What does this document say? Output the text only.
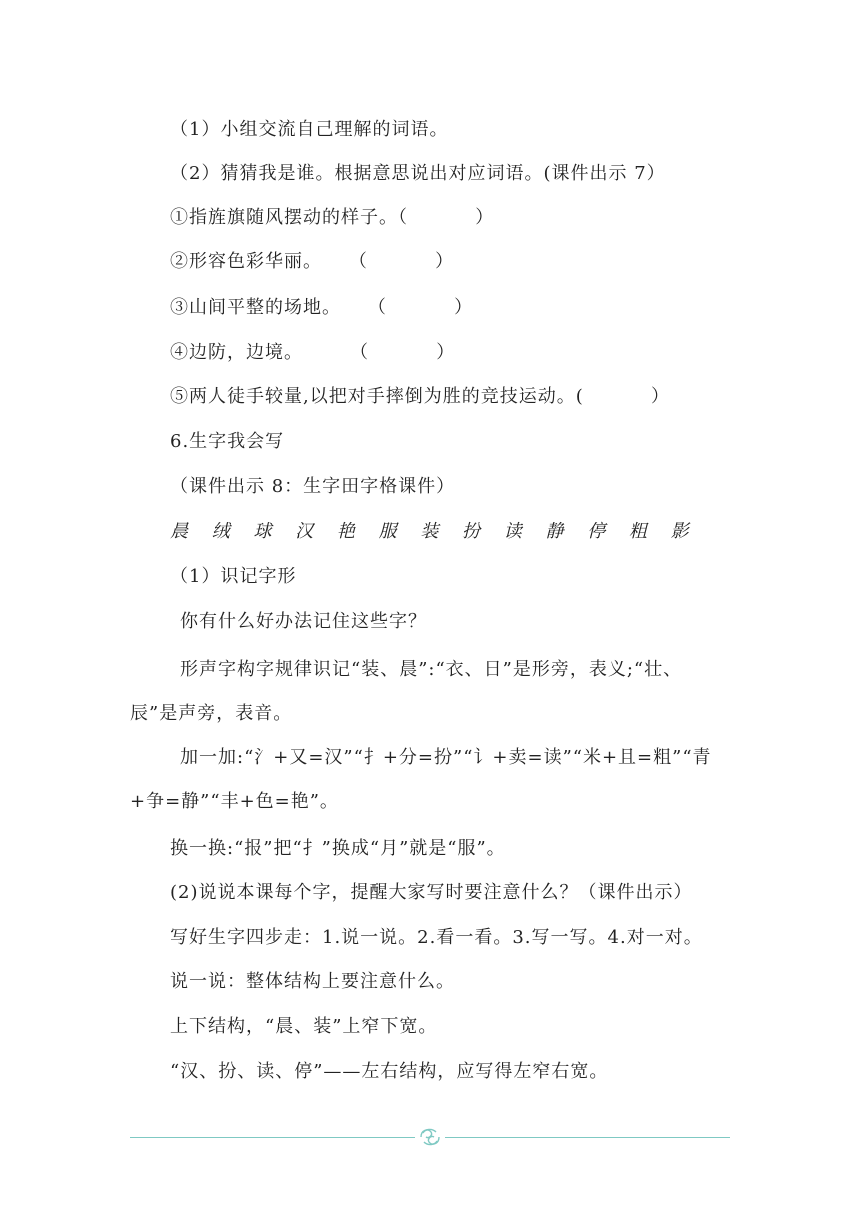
（1）小组交流自己理解的词语。
（2）猜猜我是谁。根据意思说出对应词语。(课件出示 7）
①指旌旗随风摆动的样子。（          ）
②形容色彩华丽。    （          ）
③山间平整的场地。    （          ）
④边防，边境。       （          ）
⑤两人徒手较量,以把对手摔倒为胜的竞技运动。(          ）
6.生字我会写
（课件出示 8：生字田字格课件）
晨 绒 球 汉 艳 服 装 扮 读 静 停 粗 影
（1）识记字形
你有什么好办法记住这些字？
形声字构字规律识记“装、晨”:“衣、日”是形旁，表义;“壮、
辰”是声旁，表音。
加一加:“氵+又=汉”“扌+分=扮”“讠+卖=读”“米+且=粗”“青
+争=静”“丰+色=艳”。
换一换:“报”把“扌”换成“月”就是“服”。
(2)说说本课每个字，提醒大家写时要注意什么？（课件出示）
写好生字四步走：1.说一说。2.看一看。3.写一写。4.对一对。
说一说：整体结构上要注意什么。
上下结构，“晨、装”上窄下宽。
“汉、扮、读、停”——左右结构，应写得左窄右宽。
